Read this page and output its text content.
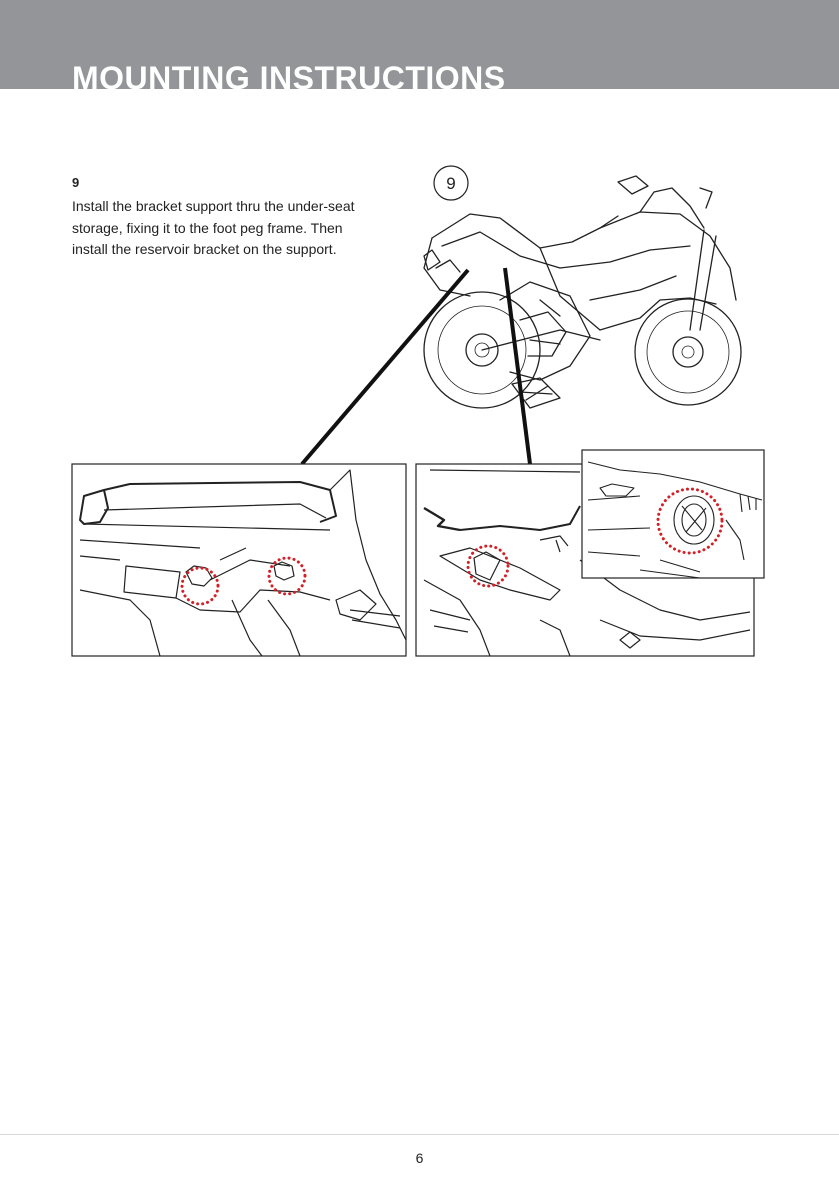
MOUNTING INSTRUCTIONS
9
Install the bracket support thru the under-seat
storage, fixing it to the foot peg frame. Then
install the reservoir bracket on the support.
9
6
